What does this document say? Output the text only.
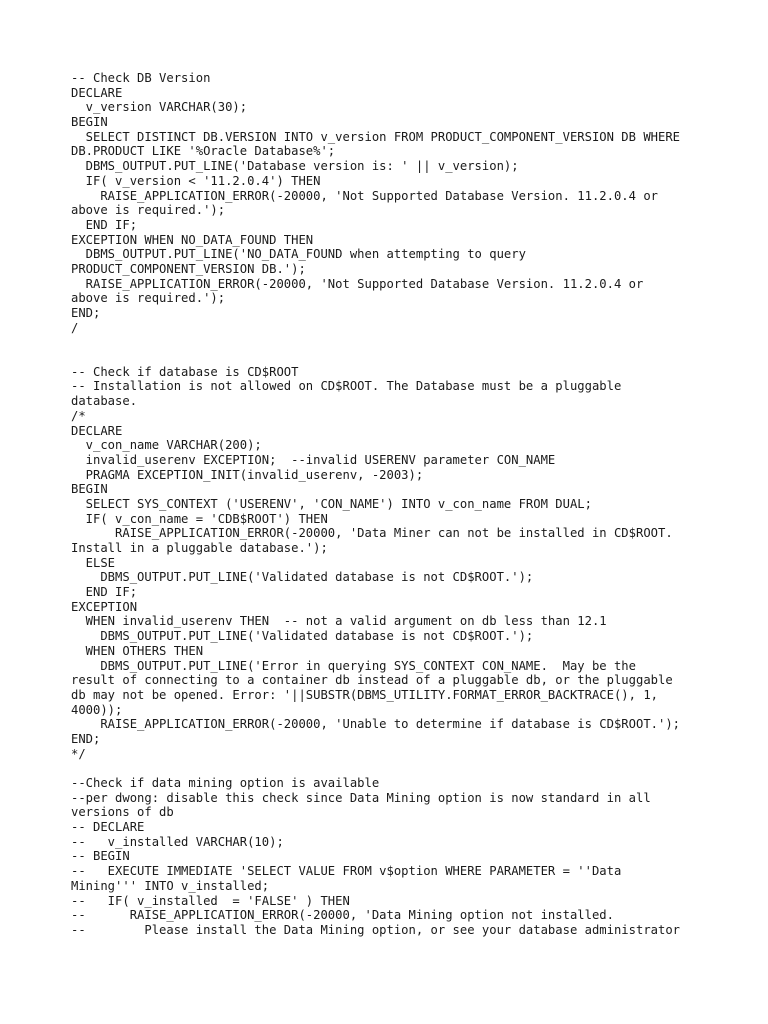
-- Check DB Version
DECLARE
v_version VARCHAR(30);
BEGIN
SELECT DISTINCT DB.VERSION INTO v_version FROM PRODUCT_COMPONENT_VERSION DB WHERE
DB.PRODUCT LIKE '%Oracle Database%';
DBMS_OUTPUT.PUT_LINE('Database version is: ' || v_version);
IF( v_version < '11.2.0.4') THEN
RAISE_APPLICATION_ERROR(-20000, 'Not Supported Database Version. 11.2.0.4 or
above is required.');
END IF;
EXCEPTION WHEN NO_DATA_FOUND THEN
DBMS_OUTPUT.PUT_LINE('NO_DATA_FOUND when attempting to query
PRODUCT_COMPONENT_VERSION DB.');
RAISE_APPLICATION_ERROR(-20000, 'Not Supported Database Version. 11.2.0.4 or
above is required.');
END;
/
-- Check if database is CD$ROOT
-- Installation is not allowed on CD$ROOT. The Database must be a pluggable
database.
/*
DECLARE
v_con_name VARCHAR(200);
invalid_userenv EXCEPTION;  --invalid USERENV parameter CON_NAME
PRAGMA EXCEPTION_INIT(invalid_userenv, -2003);
BEGIN
SELECT SYS_CONTEXT ('USERENV', 'CON_NAME') INTO v_con_name FROM DUAL;
IF( v_con_name = 'CDB$ROOT') THEN
RAISE_APPLICATION_ERROR(-20000, 'Data Miner can not be installed in CD$ROOT.
Install in a pluggable database.');
ELSE
DBMS_OUTPUT.PUT_LINE('Validated database is not CD$ROOT.');
END IF;
EXCEPTION
WHEN invalid_userenv THEN  -- not a valid argument on db less than 12.1
DBMS_OUTPUT.PUT_LINE('Validated database is not CD$ROOT.');
WHEN OTHERS THEN
DBMS_OUTPUT.PUT_LINE('Error in querying SYS_CONTEXT CON_NAME.  May be the
result of connecting to a container db instead of a pluggable db, or the pluggable
db may not be opened. Error: '||SUBSTR(DBMS_UTILITY.FORMAT_ERROR_BACKTRACE(), 1,
4000));
RAISE_APPLICATION_ERROR(-20000, 'Unable to determine if database is CD$ROOT.');
END;
*/
--Check if data mining option is available
--per dwong: disable this check since Data Mining option is now standard in all
versions of db
-- DECLARE
--   v_installed VARCHAR(10);
-- BEGIN
--   EXECUTE IMMEDIATE 'SELECT VALUE FROM v$option WHERE PARAMETER = ''Data
Mining''' INTO v_installed;
--   IF( v_installed  = 'FALSE' ) THEN
--      RAISE_APPLICATION_ERROR(-20000, 'Data Mining option not installed.
--        Please install the Data Mining option, or see your database administrator
